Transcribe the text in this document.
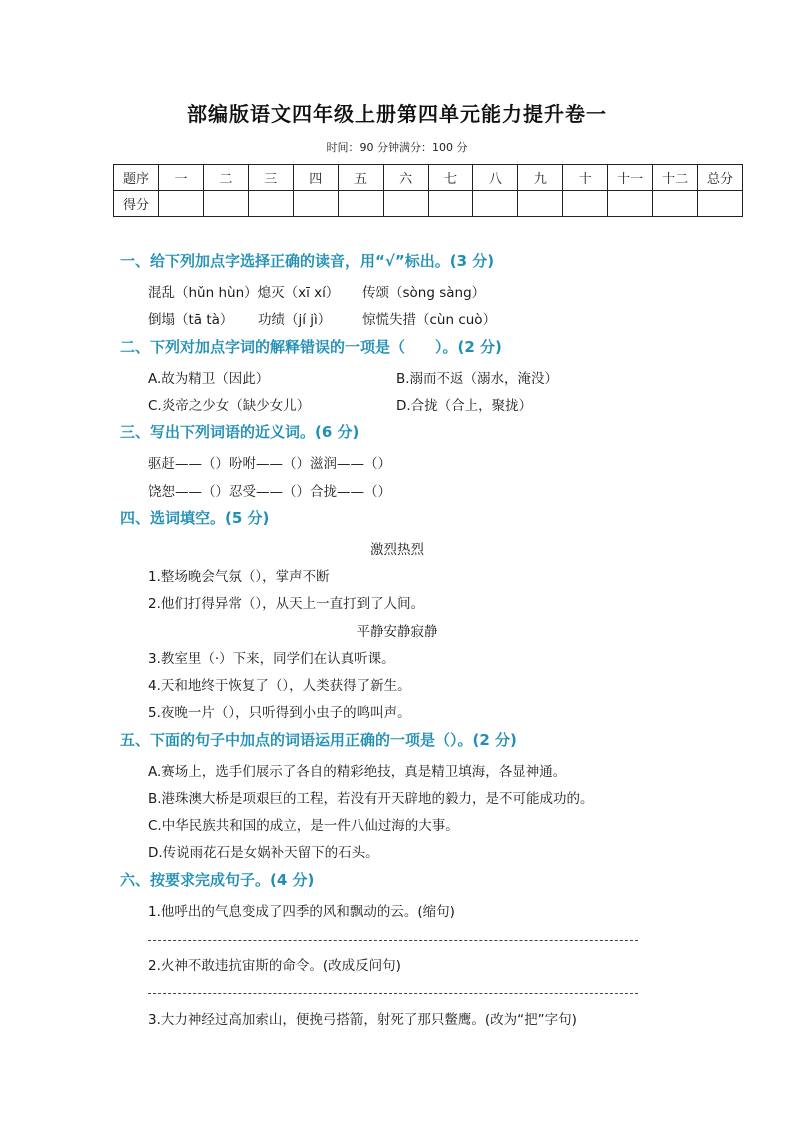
部编版语文四年级上册第四单元能力提升卷一
时间：90 分钟满分：100 分
题序	一	二	三	四	五	六	七	八	九	十	十一	十二	总分
得分													
一、给下列加点字选择正确的读音，用“√”标出。(3 分)
混乱（hǔn hùn）熄灭（xī xí） 传颂（sòng sàng）
倒塌（tā tà） 功绩（jí jì） 惊慌失措（cùn cuò）
二、下列对加点字词的解释错误的一项是（　　）。(2 分)
A.故为精卫（因此）	B.溺而不返（溺水，淹没）
C.炎帝之少女（缺少女儿）	D.合拢（合上，聚拢）
三、写出下列词语的近义词。(6 分)
驱赶——（）吩咐——（）滋润——（）
饶恕——（）忍受——（）合拢——（）
四、选词填空。(5 分)
激烈热烈
1.整场晚会气氛（），掌声不断
2.他们打得异常（），从天上一直打到了人间。
平静安静寂静
3.教室里（·）下来，同学们在认真听课。
4.天和地终于恢复了（），人类获得了新生。
5.夜晚一片（），只听得到小虫子的鸣叫声。
五、下面的句子中加点的词语运用正确的一项是（）。(2 分)
A.赛场上，选手们展示了各自的精彩绝技，真是精卫填海，各显神通。
B.港珠澳大桥是项艰巨的工程，若没有开天辟地的毅力，是不可能成功的。
C.中华民族共和国的成立，是一件八仙过海的大事。
D.传说雨花石是女娲补天留下的石头。
六、按要求完成句子。(4 分)
1.他呼出的气息变成了四季的风和飘动的云。(缩句)
2.火神不敢违抗宙斯的命令。(改成反问句)
3.大力神经过高加索山，便挽弓搭箭，射死了那只鳖鹰。(改为“把”字句)
